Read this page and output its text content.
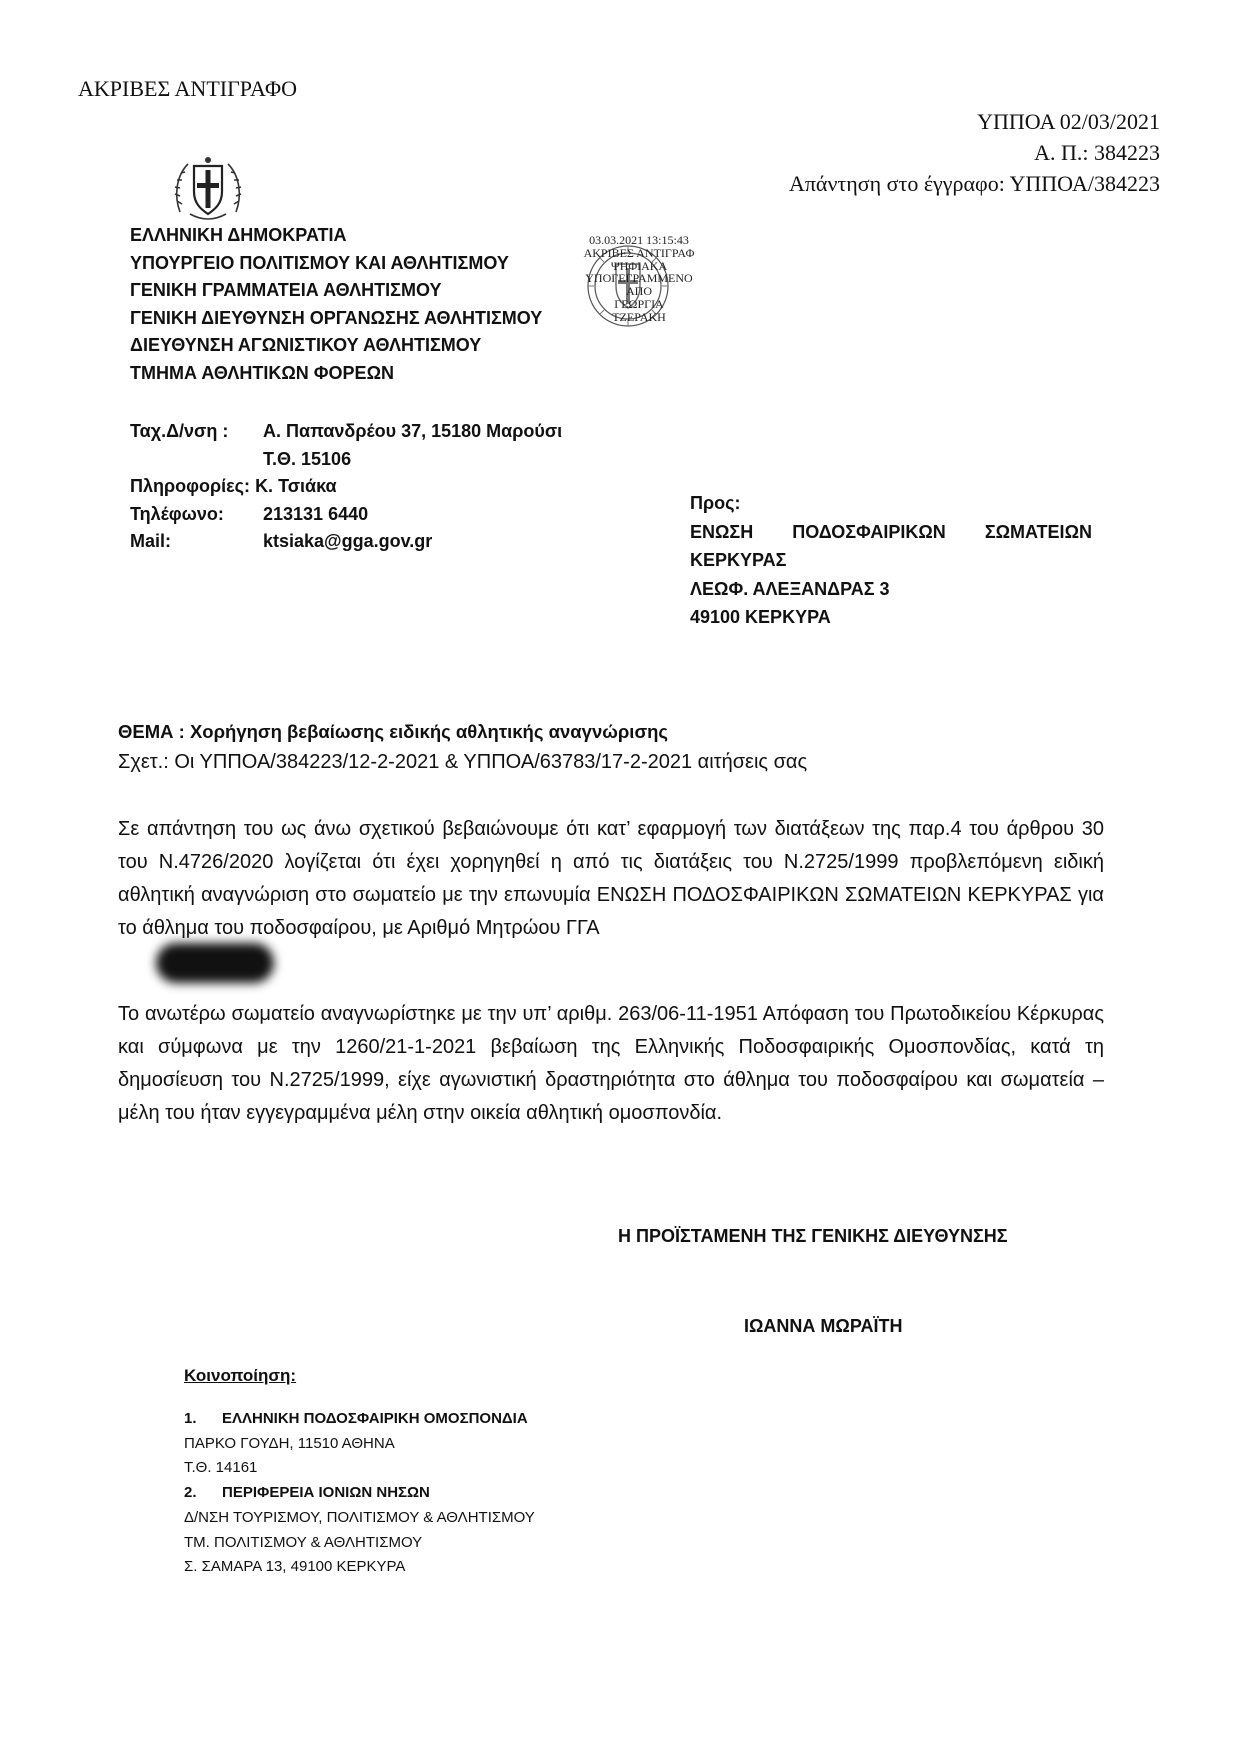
ΑΚΡΙΒΕΣ ΑΝΤΙΓΡΑΦΟ
ΥΠΠΟΑ 02/03/2021
Α. Π.: 384223
Απάντηση στο έγγραφο: ΥΠΠΟΑ/384223
ΕΛΛΗΝΙΚΗ ΔΗΜΟΚΡΑΤΙΑ
ΥΠΟΥΡΓΕΙΟ ΠΟΛΙΤΙΣΜΟΥ ΚΑΙ ΑΘΛΗΤΙΣΜΟΥ
ΓΕΝΙΚΗ ΓΡΑΜΜΑΤΕΙΑ ΑΘΛΗΤΙΣΜΟΥ
ΓΕΝΙΚΗ ΔΙΕΥΘΥΝΣΗ ΟΡΓΑΝΩΣΗΣ ΑΘΛΗΤΙΣΜΟΥ
ΔΙΕΥΘΥΝΣΗ ΑΓΩΝΙΣΤΙΚΟΥ ΑΘΛΗΤΙΣΜΟΥ
ΤΜΗΜΑ ΑΘΛΗΤΙΚΩΝ ΦΟΡΕΩΝ
03.03.2021 13:15:43
ΑΚΡΙΒΕΣ ΑΝΤΙΓΡΑΦ
ΨΗΦΙΑΚΑ
ΥΠΟΓΕΓΡΑΜΜΕΝΟ
ΑΠΟ
ΓΕΩΡΓΙΑ
ΤΖΕΡΑΚΗ
Ταχ.Δ/νση :	Α. Παπανδρέου 37, 15180 Μαρούσι
Τ.Θ. 15106
Πληροφορίες:
Κ. Τσιάκα
Τηλέφωνο:	213131 6440
Mail:	ktsiaka@gga.gov.gr
Προς:
ΕΝΩΣΗ ΠΟΔΟΣΦΑΙΡΙΚΩΝ ΣΩΜΑΤΕΙΩΝ
ΚΕΡΚΥΡΑΣ
ΛΕΩΦ. ΑΛΕΞΑΝΔΡΑΣ 3
49100 ΚΕΡΚΥΡΑ
ΘΕΜΑ : Χορήγηση βεβαίωσης ειδικής αθλητικής αναγνώρισης
Σχετ.: Οι ΥΠΠΟΑ/384223/12-2-2021 & ΥΠΠΟΑ/63783/17-2-2021 αιτήσεις σας
Σε απάντηση του ως άνω σχετικού βεβαιώνουμε ότι κατ’ εφαρμογή των διατάξεων της παρ.4 του άρθρου 30 του Ν.4726/2020 λογίζεται ότι έχει χορηγηθεί η από τις διατάξεις του Ν.2725/1999 προβλεπόμενη ειδική αθλητική αναγνώριση στο σωματείο με την επωνυμία ΕΝΩΣΗ ΠΟΔΟΣΦΑΙΡΙΚΩΝ ΣΩΜΑΤΕΙΩΝ ΚΕΡΚΥΡΑΣ για το άθλημα του ποδοσφαίρου, με Αριθμό Μητρώου ΓΓΑ
Το ανωτέρω σωματείο αναγνωρίστηκε με την υπ’ αριθμ. 263/06-11-1951 Απόφαση του Πρωτοδικείου Κέρκυρας και σύμφωνα με την 1260/21-1-2021 βεβαίωση της Ελληνικής Ποδοσφαιρικής Ομοσπονδίας, κατά τη δημοσίευση του Ν.2725/1999, είχε αγωνιστική δραστηριότητα στο άθλημα του ποδοσφαίρου και σωματεία –μέλη του ήταν εγγεγραμμένα μέλη στην οικεία αθλητική ομοσπονδία.
Η ΠΡΟΪΣΤΑΜΕΝΗ ΤΗΣ ΓΕΝΙΚΗΣ ΔΙΕΥΘΥΝΣΗΣ
ΙΩΑΝΝΑ ΜΩΡΑΪΤΗ
Κοινοποίηση:
1. ΕΛΛΗΝΙΚΗ ΠΟΔΟΣΦΑΙΡΙΚΗ ΟΜΟΣΠΟΝΔΙΑ
ΠΑΡΚΟ ΓΟΥΔΗ, 11510 ΑΘΗΝΑ
Τ.Θ. 14161
2. ΠΕΡΙΦΕΡΕΙΑ ΙΟΝΙΩΝ ΝΗΣΩΝ
Δ/ΝΣΗ ΤΟΥΡΙΣΜΟΥ, ΠΟΛΙΤΙΣΜΟΥ & ΑΘΛΗΤΙΣΜΟΥ
ΤΜ. ΠΟΛΙΤΙΣΜΟΥ & ΑΘΛΗΤΙΣΜΟΥ
Σ. ΣΑΜΑΡΑ 13, 49100 ΚΕΡΚΥΡΑ
